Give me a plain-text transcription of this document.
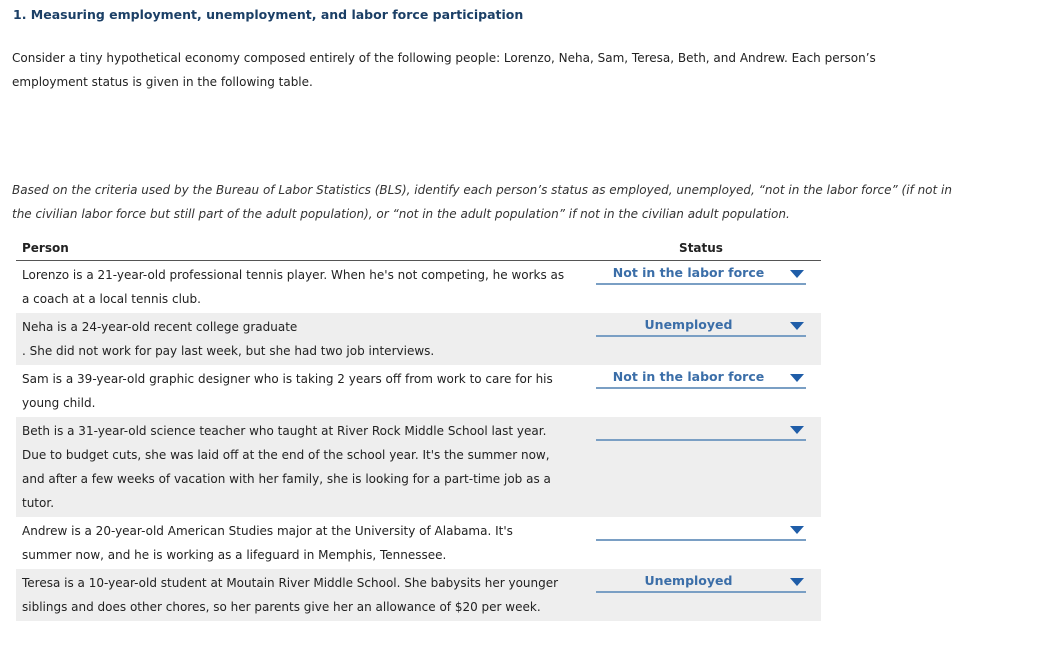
1. Measuring employment, unemployment, and labor force participation
Consider a tiny hypothetical economy composed entirely of the following people: Lorenzo, Neha, Sam, Teresa, Beth, and Andrew. Each person’s employment status is given in the following table.
Based on the criteria used by the Bureau of Labor Statistics (BLS), identify each person’s status as employed, unemployed, “not in the labor force” (if not in the civilian labor force but still part of the adult population), or “not in the adult population” if not in the civilian adult population.
Person	Status
Lorenzo is a 21-year-old professional tennis player. When he's not competing, he works as
a coach at a local tennis club.
Not in the labor force
Neha is a 24-year-old recent college graduate
. She did not work for pay last week, but she had two job interviews.
Unemployed
Sam is a 39-year-old graphic designer who is taking 2 years off from work to care for his
young child.
Not in the labor force
Beth is a 31-year-old science teacher who taught at River Rock Middle School last year.
Due to budget cuts, she was laid off at the end of the school year. It's the summer now,
and after a few weeks of vacation with her family, she is looking for a part-time job as a
tutor.
Andrew is a 20-year-old American Studies major at the University of Alabama. It's
summer now, and he is working as a lifeguard in Memphis, Tennessee.
Teresa is a 10-year-old student at Moutain River Middle School. She babysits her younger
siblings and does other chores, so her parents give her an allowance of $20 per week.
Unemployed
